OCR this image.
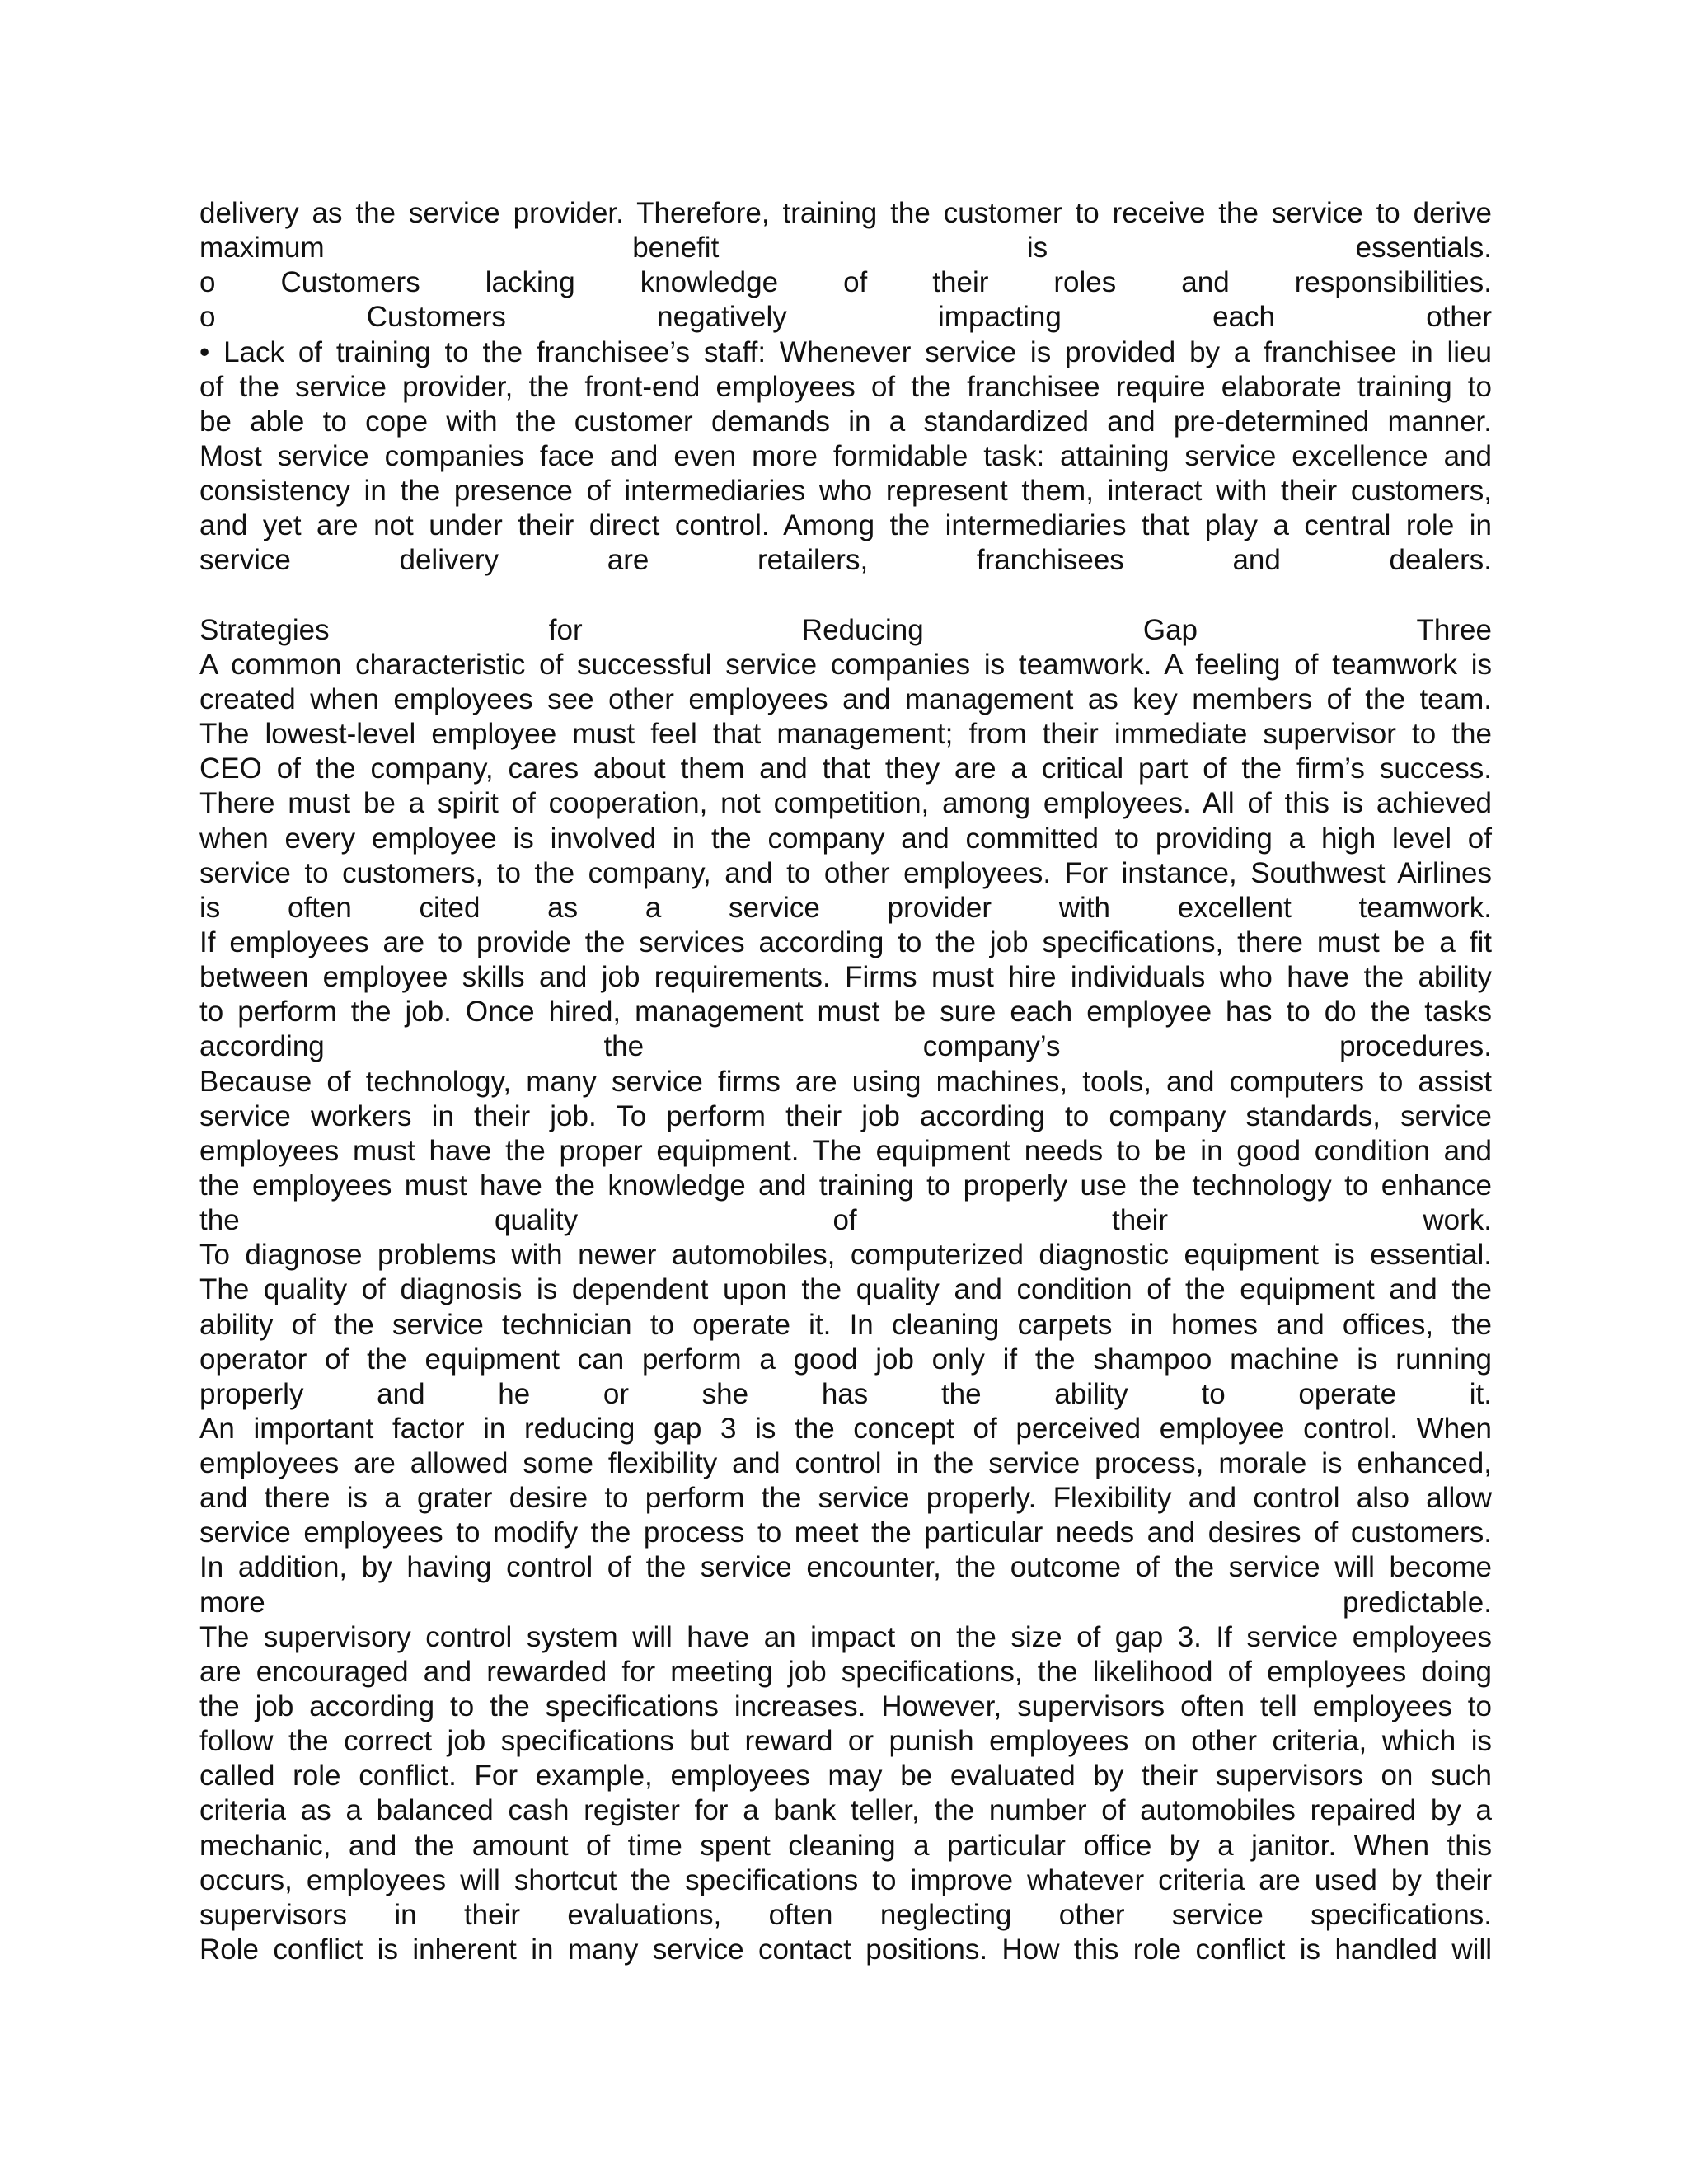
delivery as the service provider. Therefore, training the customer to receive the service to derive
maximum benefit is essentials.
o Customers lacking knowledge of their roles and responsibilities.
o Customers negatively impacting each other
• Lack of training to the franchisee’s staff: Whenever service is provided by a franchisee in lieu
of the service provider, the front-end employees of the franchisee require elaborate training to
be able to cope with the customer demands in a standardized and pre-determined manner.
Most service companies face and even more formidable task: attaining service excellence and
consistency in the presence of intermediaries who represent them, interact with their customers,
and yet are not under their direct control. Among the intermediaries that play a central role in
service delivery are retailers, franchisees and dealers.
Strategies for Reducing Gap Three
A common characteristic of successful service companies is teamwork. A feeling of teamwork is
created when employees see other employees and management as key members of the team.
The lowest-level employee must feel that management; from their immediate supervisor to the
CEO of the company, cares about them and that they are a critical part of the firm’s success.
There must be a spirit of cooperation, not competition, among employees. All of this is achieved
when every employee is involved in the company and committed to providing a high level of
service to customers, to the company, and to other employees. For instance, Southwest Airlines
is often cited as a service provider with excellent teamwork.
If employees are to provide the services according to the job specifications, there must be a fit
between employee skills and job requirements. Firms must hire individuals who have the ability
to perform the job. Once hired, management must be sure each employee has to do the tasks
according the company’s procedures.
Because of technology, many service firms are using machines, tools, and computers to assist
service workers in their job. To perform their job according to company standards, service
employees must have the proper equipment. The equipment needs to be in good condition and
the employees must have the knowledge and training to properly use the technology to enhance
the quality of their work.
To diagnose problems with newer automobiles, computerized diagnostic equipment is essential.
The quality of diagnosis is dependent upon the quality and condition of the equipment and the
ability of the service technician to operate it. In cleaning carpets in homes and offices, the
operator of the equipment can perform a good job only if the shampoo machine is running
properly and he or she has the ability to operate it.
An important factor in reducing gap 3 is the concept of perceived employee control. When
employees are allowed some flexibility and control in the service process, morale is enhanced,
and there is a grater desire to perform the service properly. Flexibility and control also allow
service employees to modify the process to meet the particular needs and desires of customers.
In addition, by having control of the service encounter, the outcome of the service will become
more predictable.
The supervisory control system will have an impact on the size of gap 3. If service employees
are encouraged and rewarded for meeting job specifications, the likelihood of employees doing
the job according to the specifications increases. However, supervisors often tell employees to
follow the correct job specifications but reward or punish employees on other criteria, which is
called role conflict. For example, employees may be evaluated by their supervisors on such
criteria as a balanced cash register for a bank teller, the number of automobiles repaired by a
mechanic, and the amount of time spent cleaning a particular office by a janitor. When this
occurs, employees will shortcut the specifications to improve whatever criteria are used by their
supervisors in their evaluations, often neglecting other service specifications.
Role conflict is inherent in many service contact positions. How this role conflict is handled will
